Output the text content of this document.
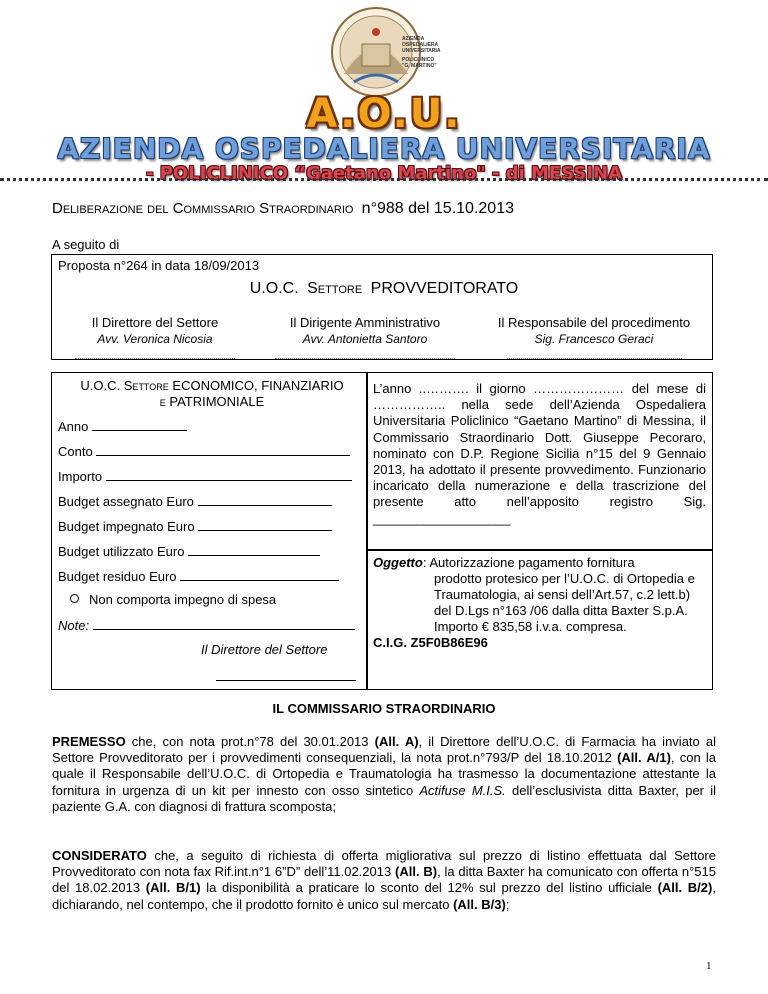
AZIENDA
OSPEDALIERA
UNIVERSITARIA
POLICLINICO
"G. MARTINO"
A.O.U.
AZIENDA OSPEDALIERA UNIVERSITARIA
- POLICLINICO “Gaetano Martino" - di MESSINA
Deliberazione del Commissario Straordinario n°988 del 15.10.2013
A seguito di
Proposta n°264 in data 18/09/2013
U.O.C. Settore PROVVEDITORATO
Il Direttore del Settore
Avv. Veronica Nicosia
Il Dirigente Amministrativo
Avv. Antonietta Santoro
Il Responsabile del procedimento
Sig. Francesco Geraci
U.O.C. Settore ECONOMICO, FINANZIARIO
e PATRIMONIALE
Anno
Conto
Importo
Budget assegnato Euro
Budget impegnato Euro
Budget utilizzato Euro
Budget residuo Euro
Non comporta impegno di spesa
Note:
Il Direttore del Settore
L’anno ..………. il giorno ………………… del mese di …………….. nella sede dell’Azienda Ospedaliera Universitaria Policlinico “Gaetano Martino” di Messina, il Commissario Straordinario Dott. Giuseppe Pecoraro, nominato con D.P. Regione Sicilia n°15 del 9 Gennaio 2013, ha adottato il presente provvedimento. Funzionario incaricato della numerazione e della trascrizione del presente atto nell’apposito registro Sig. ___________________
Oggetto: Autorizzazione pagamento fornitura
prodotto protesico per l’U.O.C. di Ortopedia e Traumatologia, ai sensi dell’Art.57, c.2 lett.b) del D.Lgs n°163 /06 dalla ditta Baxter S.p.A.
Importo € 835,58 i.v.a. compresa.
C.I.G. Z5F0B86E96
IL COMMISSARIO STRAORDINARIO
PREMESSO che, con nota prot.n°78 del 30.01.2013 (All. A), il Direttore dell’U.O.C. di Farmacia ha inviato al Settore Provveditorato per i provvedimenti consequenziali, la nota prot.n°793/P del 18.10.2012 (All. A/1), con la quale il Responsabile dell’U.O.C. di Ortopedia e Traumatologia ha trasmesso la documentazione attestante la fornitura in urgenza di un kit per innesto con osso sintetico Actifuse M.I.S. dell’esclusivista ditta Baxter, per il paziente G.A. con diagnosi di frattura scomposta;
CONSIDERATO che, a seguito di richiesta di offerta migliorativa sul prezzo di listino effettuata dal Settore Provveditorato con nota fax Rif.int.n°1 6”D” dell’11.02.2013 (All. B), la ditta Baxter ha comunicato con offerta n°515 del 18.02.2013 (All. B/1) la disponibilità a praticare lo sconto del 12% sul prezzo del listino ufficiale (All. B/2), dichiarando, nel contempo, che il prodotto fornito è unico sul mercato (All. B/3);
1
